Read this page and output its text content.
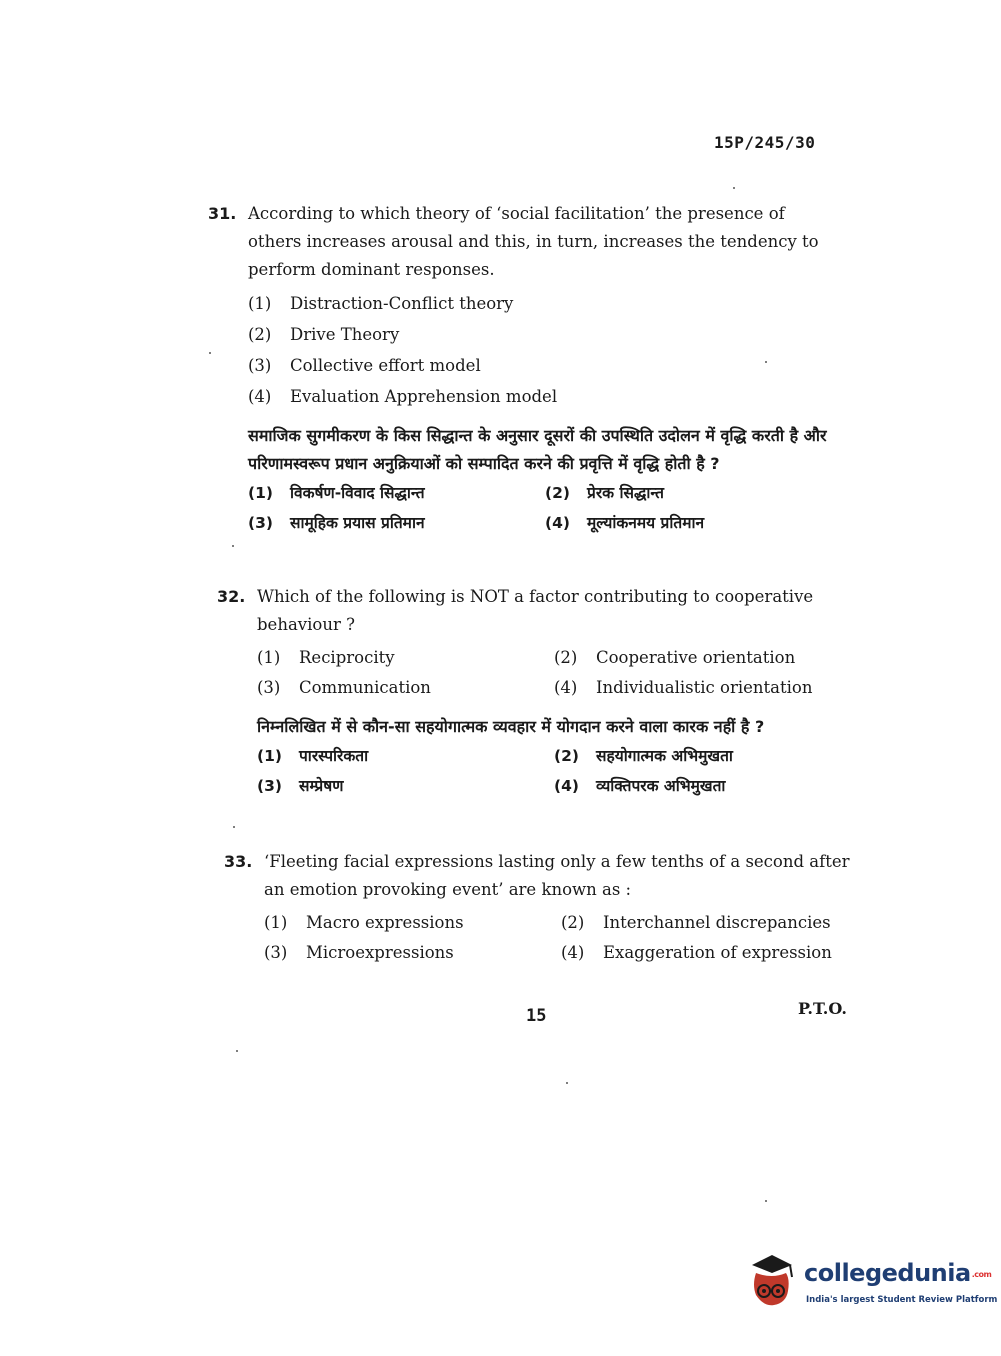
15P/245/30
31. According to which theory of ‘social facilitation’ the presence of others increases arousal and this, in turn, increases the tendency to perform dominant responses.
(1) Distraction-Conflict theory
(2) Drive Theory
(3) Collective effort model
(4) Evaluation Apprehension model
समाजिक सुगमीकरण के किस सिद्धान्त के अनुसार दूसरों की उपस्थिति उदोलन में वृद्धि करती है और परिणामस्वरूप प्रधान अनुक्रियाओं को सम्पादित करने की प्रवृत्ति में वृद्धि होती है ?
(1) विकर्षण-विवाद सिद्धान्त	(2) प्रेरक सिद्धान्त
(3) सामूहिक प्रयास प्रतिमान	(4) मूल्यांकनमय प्रतिमान
32. Which of the following is NOT a factor contributing to cooperative behaviour ?
(1) Reciprocity	(2) Cooperative orientation
(3) Communication	(4) Individualistic orientation
निम्नलिखित में से कौन-सा सहयोगात्मक व्यवहार में योगदान करने वाला कारक नहीं है ?
(1) पारस्परिकता	(2) सहयोगात्मक अभिमुखता
(3) सम्प्रेषण	(4) व्यक्तिपरक अभिमुखता
33. ‘Fleeting facial expressions lasting only a few tenths of a second after an emotion provoking event’ are known as :
(1) Macro expressions	(2) Interchannel discrepancies
(3) Microexpressions	(4) Exaggeration of expression
15	P.T.O.
collegedunia.com
India's largest Student Review Platform
